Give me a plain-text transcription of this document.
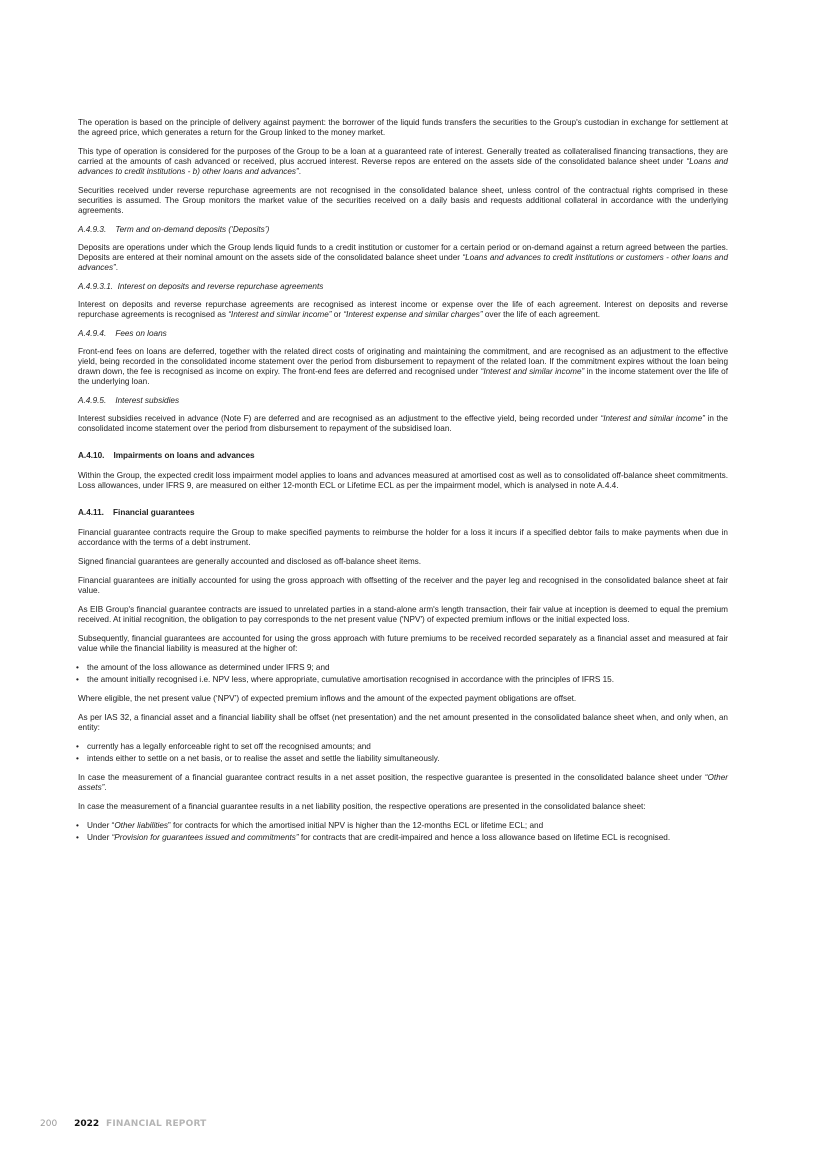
The operation is based on the principle of delivery against payment: the borrower of the liquid funds transfers the securities to the Group's custodian in exchange for settlement at the agreed price, which generates a return for the Group linked to the money market.

This type of operation is considered for the purposes of the Group to be a loan at a guaranteed rate of interest. Generally treated as collateralised financing transactions, they are carried at the amounts of cash advanced or received, plus accrued interest. Reverse repos are entered on the assets side of the consolidated balance sheet under “Loans and advances to credit institutions - b) other loans and advances”.

Securities received under reverse repurchase agreements are not recognised in the consolidated balance sheet, unless control of the contractual rights comprised in these securities is assumed. The Group monitors the market value of the securities received on a daily basis and requests additional collateral in accordance with the underlying agreements.

A.4.9.3.    Term and on-demand deposits (‘Deposits’)

Deposits are operations under which the Group lends liquid funds to a credit institution or customer for a certain period or on-demand against a return agreed between the parties. Deposits are entered at their nominal amount on the assets side of the consolidated balance sheet under “Loans and advances to credit institutions or customers - other loans and advances”.

A.4.9.3.1.  Interest on deposits and reverse repurchase agreements

Interest on deposits and reverse repurchase agreements are recognised as interest income or expense over the life of each agreement. Interest on deposits and reverse repurchase agreements is recognised as “Interest and similar income” or “Interest expense and similar charges” over the life of each agreement.

A.4.9.4.    Fees on loans

Front-end fees on loans are deferred, together with the related direct costs of originating and maintaining the commitment, and are recognised as an adjustment to the effective yield, being recorded in the consolidated income statement over the period from disbursement to repayment of the related loan. If the commitment expires without the loan being drawn down, the fee is recognised as income on expiry. The front-end fees are deferred and recognised under “Interest and similar income” in the income statement over the life of the underlying loan.

A.4.9.5.    Interest subsidies

Interest subsidies received in advance (Note F) are deferred and are recognised as an adjustment to the effective yield, being recorded under “Interest and similar income” in the consolidated income statement over the period from disbursement to repayment of the subsidised loan.

A.4.10.    Impairments on loans and advances

Within the Group, the expected credit loss impairment model applies to loans and advances measured at amortised cost as well as to consolidated off-balance sheet commitments. Loss allowances, under IFRS 9, are measured on either 12-month ECL or Lifetime ECL as per the impairment model, which is analysed in note A.4.4.

A.4.11.    Financial guarantees

Financial guarantee contracts require the Group to make specified payments to reimburse the holder for a loss it incurs if a specified debtor fails to make payments when due in accordance with the terms of a debt instrument.

Signed financial guarantees are generally accounted and disclosed as off-balance sheet items.

Financial guarantees are initially accounted for using the gross approach with offsetting of the receiver and the payer leg and recognised in the consolidated balance sheet at fair value.

As EIB Group's financial guarantee contracts are issued to unrelated parties in a stand-alone arm's length transaction, their fair value at inception is deemed to equal the premium received. At initial recognition, the obligation to pay corresponds to the net present value ('NPV') of expected premium inflows or the initial expected loss.

Subsequently, financial guarantees are accounted for using the gross approach with future premiums to be received recorded separately as a financial asset and measured at fair value while the financial liability is measured at the higher of:

• the amount of the loss allowance as determined under IFRS 9; and
• the amount initially recognised i.e. NPV less, where appropriate, cumulative amortisation recognised in accordance with the principles of IFRS 15.

Where eligible, the net present value (‘NPV’) of expected premium inflows and the amount of the expected payment obligations are offset.

As per IAS 32, a financial asset and a financial liability shall be offset (net presentation) and the net amount presented in the consolidated balance sheet when, and only when, an entity:

• currently has a legally enforceable right to set off the recognised amounts; and
• intends either to settle on a net basis, or to realise the asset and settle the liability simultaneously.

In case the measurement of a financial guarantee contract results in a net asset position, the respective guarantee is presented in the consolidated balance sheet under “Other assets”.

In case the measurement of a financial guarantee results in a net liability position, the respective operations are presented in the consolidated balance sheet:

• Under “Other liabilities” for contracts for which the amortised initial NPV is higher than the 12-months ECL or lifetime ECL; and
• Under “Provision for guarantees issued and commitments” for contracts that are credit-impaired and hence a loss allowance based on lifetime ECL is recognised.
200 2022 FINANCIAL REPORT
